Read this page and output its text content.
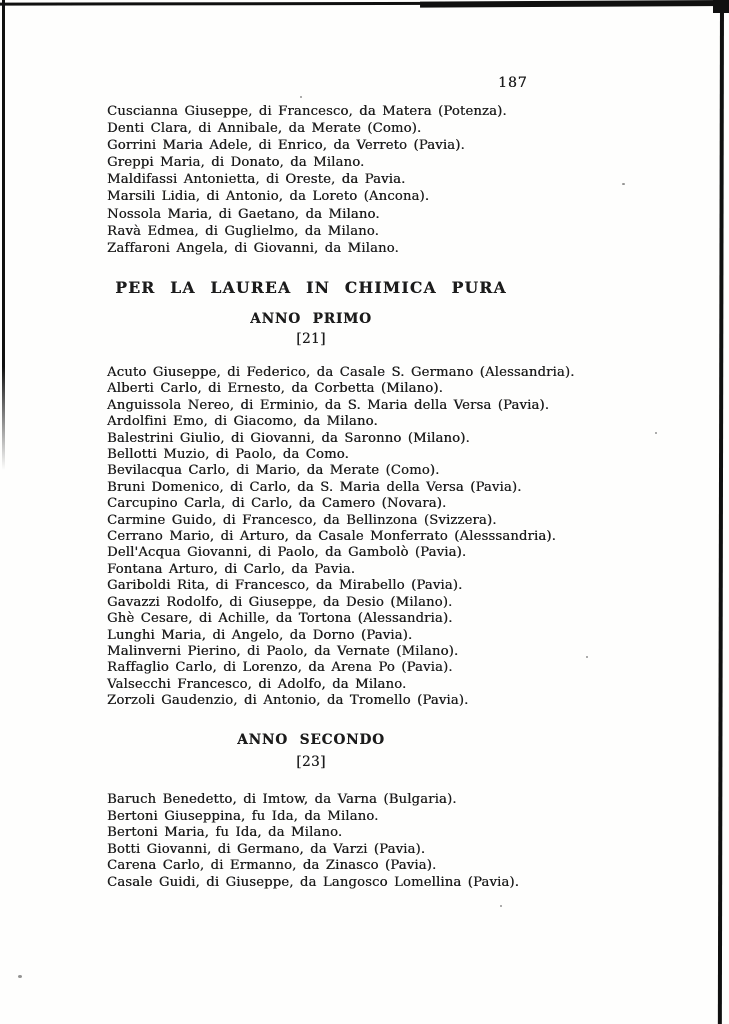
187
Cuscianna Giuseppe, di Francesco, da Matera (Potenza).
Denti Clara, di Annibale, da Merate (Como).
Gorrini Maria Adele, di Enrico, da Verreto (Pavia).
Greppi Maria, di Donato, da Milano.
Maldifassi Antonietta, di Oreste, da Pavia.
Marsili Lidia, di Antonio, da Loreto (Ancona).
Nossola Maria, di Gaetano, da Milano.
Ravà Edmea, di Guglielmo, da Milano.
Zaffaroni Angela, di Giovanni, da Milano.
PER LA LAUREA IN CHIMICA PURA
ANNO PRIMO
[21]
Acuto Giuseppe, di Federico, da Casale S. Germano (Alessandria).
Alberti Carlo, di Ernesto, da Corbetta (Milano).
Anguissola Nereo, di Erminio, da S. Maria della Versa (Pavia).
Ardolfini Emo, di Giacomo, da Milano.
Balestrini Giulio, di Giovanni, da Saronno (Milano).
Bellotti Muzio, di Paolo, da Como.
Bevilacqua Carlo, di Mario, da Merate (Como).
Bruni Domenico, di Carlo, da S. Maria della Versa (Pavia).
Carcupino Carla, di Carlo, da Camero (Novara).
Carmine Guido, di Francesco, da Bellinzona (Svizzera).
Cerrano Mario, di Arturo, da Casale Monferrato (Alesssandria).
Dell'Acqua Giovanni, di Paolo, da Gambolò (Pavia).
Fontana Arturo, di Carlo, da Pavia.
Gariboldi Rita, di Francesco, da Mirabello (Pavia).
Gavazzi Rodolfo, di Giuseppe, da Desio (Milano).
Ghè Cesare, di Achille, da Tortona (Alessandria).
Lunghi Maria, di Angelo, da Dorno (Pavia).
Malinverni Pierino, di Paolo, da Vernate (Milano).
Raffaglio Carlo, di Lorenzo, da Arena Po (Pavia).
Valsecchi Francesco, di Adolfo, da Milano.
Zorzoli Gaudenzio, di Antonio, da Tromello (Pavia).
ANNO SECONDO
[23]
Baruch Benedetto, di Imtow, da Varna (Bulgaria).
Bertoni Giuseppina, fu Ida, da Milano.
Bertoni Maria, fu Ida, da Milano.
Botti Giovanni, di Germano, da Varzi (Pavia).
Carena Carlo, di Ermanno, da Zinasco (Pavia).
Casale Guidi, di Giuseppe, da Langosco Lomellina (Pavia).
